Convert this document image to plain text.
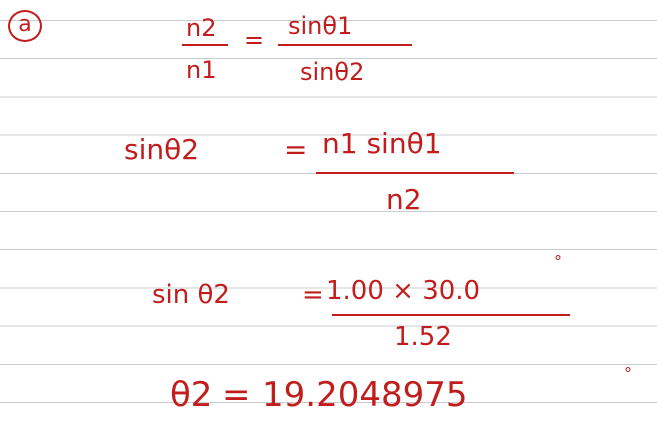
a	n2
n1
= sinθ1
sinθ2
sinθ2	= n1 sinθ1
n2
sin θ2	= 1.00 × 30.0
°
1.52
θ2 = 19.2048975
°
